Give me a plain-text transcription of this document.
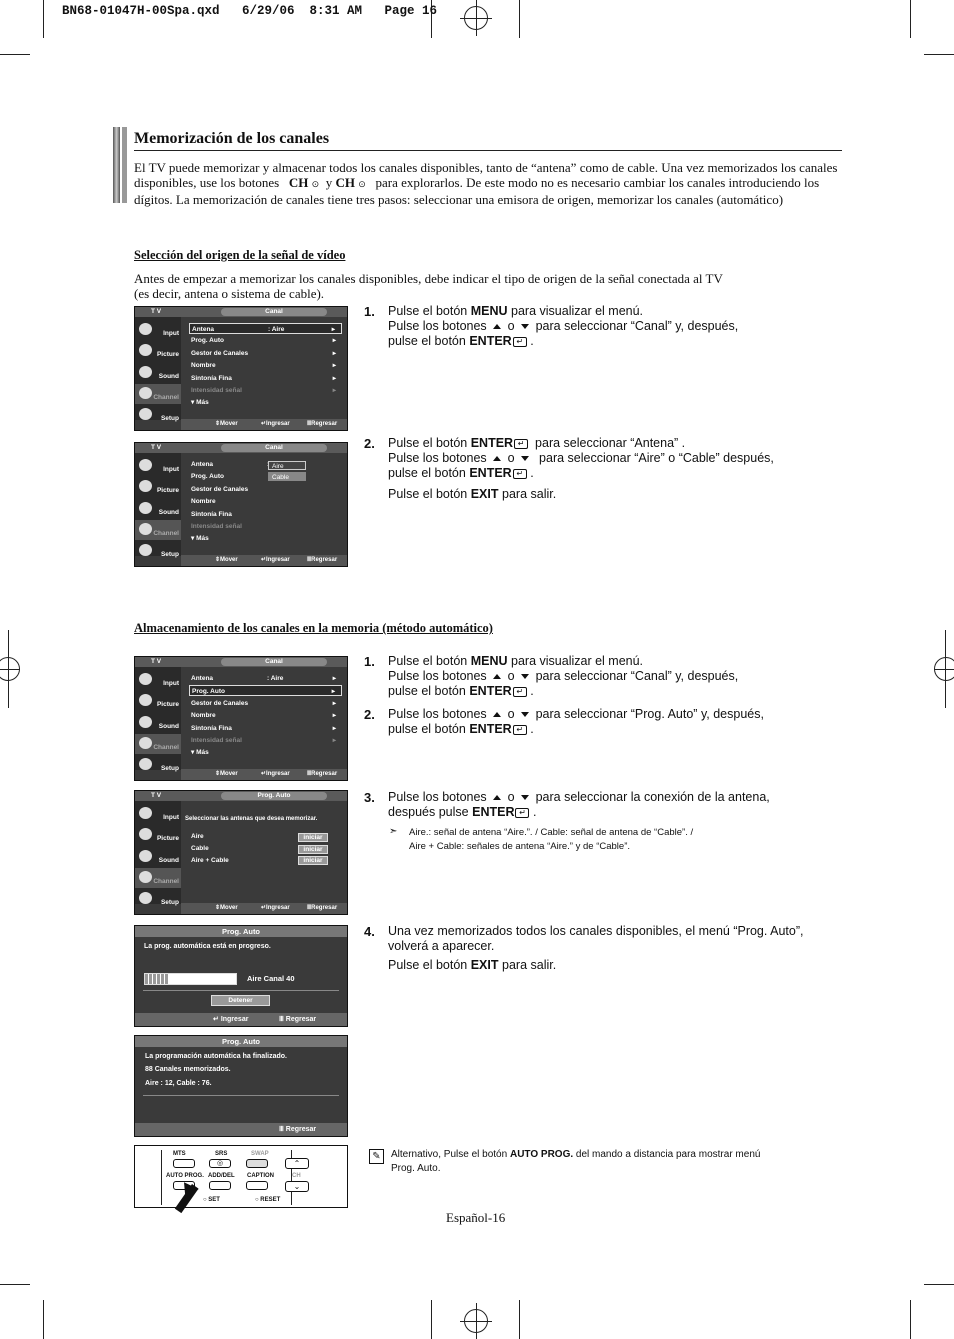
BN68-01047H-00Spa.qxd   6/29/06  8:31 AM   Page 16
Memorización de los canales
El TV puede memorizar y almacenar todos los canales disponibles, tanto de “antena” como de cable. Una vez memorizados los canales
disponibles, use los botones CH ⊙ y CH ⊙ para explorarlos. De este modo no es necesario cambiar los canales introduciendo los
dígitos. La memorización de canales tiene tres pasos: seleccionar una emisora de origen, memorizar los canales (automático)
Selección del origen de la señal de vídeo
Antes de empezar a memorizar los canales disponibles, debe indicar el tipo de origen de la señal conectada al TV
(es decir, antena o sistema de cable).
T V	Canal
Input
Picture
Sound
Channel
Setup
Antena	: Aire	▸
Prog. Auto	▸
Gestor de Canales	▸
Nombre	▸
Sintonía Fina	▸
Intensidad señal	▸
▾ Más
⇕ Mover	↵ Ingresar	Ⅲ Regresar
T V	Canal
Input
Picture
Sound
Channel
Setup
Antena	Aire
Cable
Prog. Auto
Gestor de Canales
Nombre
Sintonía Fina
Intensidad señal
▾ Más
⇕ Mover	↵ Ingresar	Ⅲ Regresar
1. Pulse el botón MENU para visualizar el menú.
Pulse los botones o para seleccionar “Canal” y, después,
pulse el botón ENTER ↵ .
2. Pulse el botón ENTER ↵ para seleccionar “Antena” .
Pulse los botones o para seleccionar “Aire” o “Cable” después,
pulse el botón ENTER ↵ .
Pulse el botón EXIT para salir.
Almacenamiento de los canales en la memoria (método automático)
T V	Canal
Input
Picture
Sound
Channel
Setup
Antena	: Aire	▸
Prog. Auto	▸
Gestor de Canales	▸
Nombre	▸
Sintonía Fina	▸
Intensidad señal	▸
▾ Más
⇕ Mover	↵ Ingresar	Ⅲ Regresar
T V	Prog. Auto
Input
Picture
Sound
Channel
Setup
Seleccionar las antenas que desea memorizar.
Aire
Cable
Aire + Cable
iniciar
iniciar
iniciar
⇕ Mover	↵ Ingresar	Ⅲ Regresar
Prog. Auto
La prog. automática está en progreso.
Aire Canal 40
Detener
↵ Ingresar	Ⅲ Regresar
Prog. Auto
La programación automática ha finalizado.
88 Canales memorizados.
Aire : 12, Cable : 76.
Ⅲ Regresar
MTS	SRS	SWAP
◎	⌃
AUTO PROG. ADD/DEL CAPTION	CH
⌄
○ SET	○ RESET
1. Pulse el botón MENU para visualizar el menú.
Pulse los botones o para seleccionar “Canal” y, después,
pulse el botón ENTER ↵ .
2. Pulse los botones o para seleccionar “Prog. Auto” y, después,
pulse el botón ENTER ↵ .
3. Pulse los botones o para seleccionar la conexión de la antena,
después pulse ENTER ↵ .
➣ Aire.: señal de antena “Aire.”. / Cable: señal de antena de “Cable”. /
Aire + Cable: señales de antena “Aire.” y de “Cable”.
4. Una vez memorizados todos los canales disponibles, el menú “Prog. Auto”,
volverá a aparecer.
Pulse el botón EXIT para salir.
✎	Alternativo, Pulse el botón AUTO PROG. del mando a distancia para mostrar menú
Prog. Auto.
Español-16
